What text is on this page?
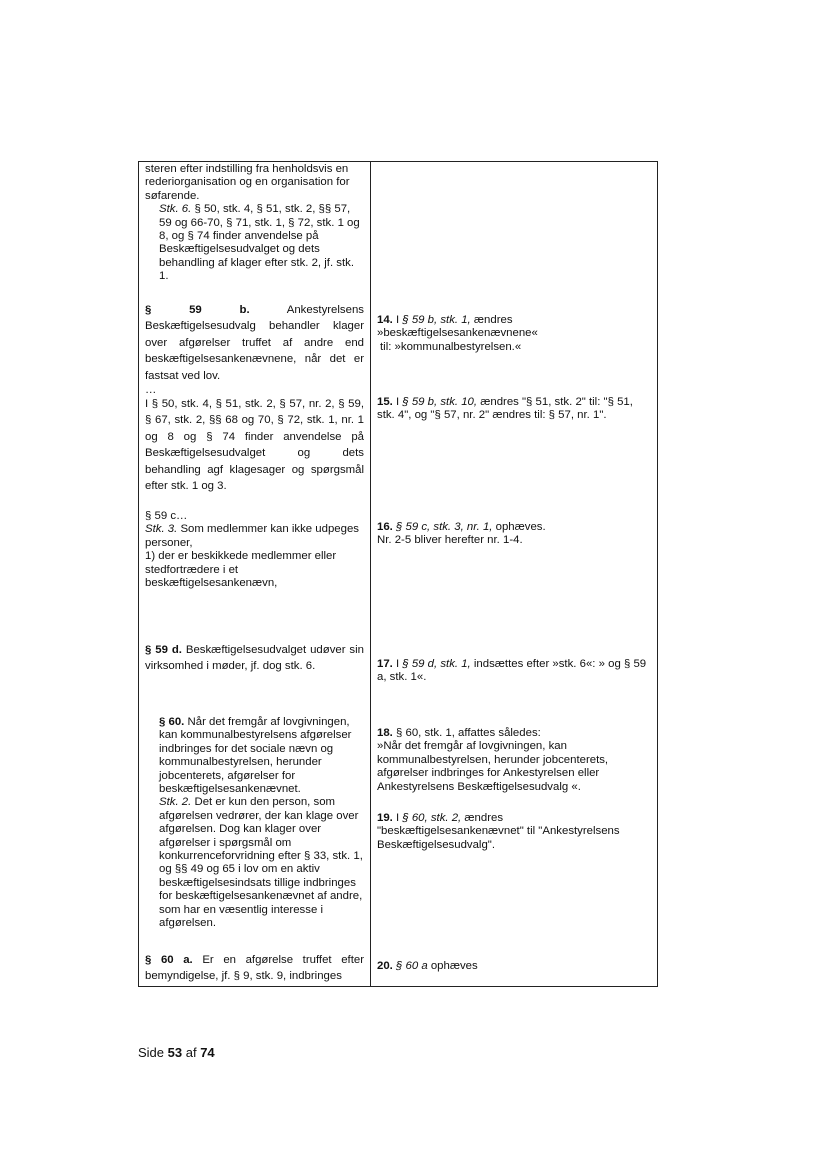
steren efter indstilling fra henholdsvis en rederiorganisation og en organisation for søfarende.

Stk. 6. § 50, stk. 4, § 51, stk. 2, §§ 57, 59 og 66-70, § 71, stk. 1, § 72, stk. 1 og 8, og § 74 finder anvendelse på Beskæftigelsesudvalget og dets behandling af klager efter stk. 2, jf. stk. 1.

§ 59 b. Ankestyrelsens Beskæftigelsesudvalg behandler klager over afgørelser truffet af andre end beskæftigelsesankenævnene, når det er fastsat ved lov.

…

I § 50, stk. 4, § 51, stk. 2, § 57, nr. 2, § 59, § 67, stk. 2, §§ 68 og 70, § 72, stk. 1, nr. 1 og 8 og § 74 finder anvendelse på Beskæftigelsesudvalget og dets behandling agf klagesager og spørgsmål efter stk. 1 og 3.

§ 59 c…

Stk. 3. Som medlemmer kan ikke udpeges personer,

1) der er beskikkede medlemmer eller stedfortrædere i et beskæftigelsesankenævn,

§ 59 d. Beskæftigelsesudvalget udøver sin virksomhed i møder, jf. dog stk. 6.

§ 60. Når det fremgår af lovgivningen, kan kommunalbestyrelsens afgørelser indbringes for det sociale nævn og kommunalbestyrelsen, herunder jobcenterets, afgørelser for beskæftigelsesankenævnet.

Stk. 2. Det er kun den person, som afgørelsen vedrører, der kan klage over afgørelsen. Dog kan klager over afgørelser i spørgsmål om konkurrenceforvridning efter § 33, stk. 1, og §§ 49 og 65 i lov om en aktiv beskæftigelsesindsats tillige indbringes for beskæftigelsesankenævnet af andre, som har en væsentlig interesse i afgørelsen.

§ 60 a. Er en afgørelse truffet efter bemyndigelse, jf. § 9, stk. 9, indbringes

14. I § 59 b, stk. 1, ændres »beskæftigelsesankenævnene«

til: »kommunalbestyrelsen.«

15. I § 59 b, stk. 10, ændres "§ 51, stk. 2" til: "§ 51, stk. 4", og "§ 57, nr. 2" ændres til: § 57, nr. 1".

16. § 59 c, stk. 3, nr. 1, ophæves.

Nr. 2-5 bliver herefter nr. 1-4.

17. I § 59 d, stk. 1, indsættes efter »stk. 6«: » og § 59 a, stk. 1«.

18. § 60, stk. 1, affattes således:

»Når det fremgår af lovgivningen, kan kommunalbestyrelsen, herunder jobcenterets, afgørelser indbringes for Ankestyrelsen eller Ankestyrelsens Beskæftigelsesudvalg «.

19. I § 60, stk. 2, ændres "beskæftigelsesankenævnet" til "Ankestyrelsens Beskæftigelsesudvalg".

20. § 60 a ophæves

Side 53 af 74
